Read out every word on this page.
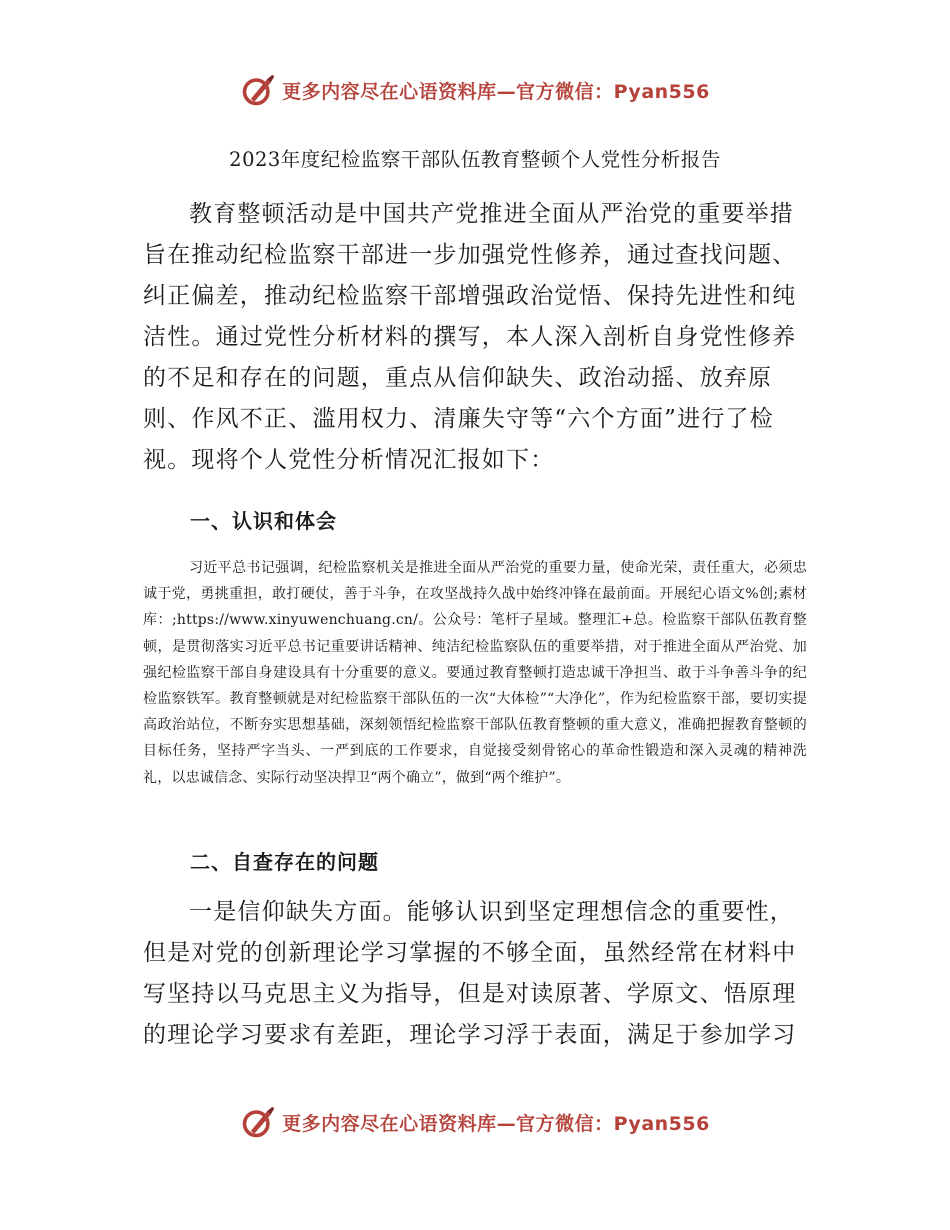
更多内容尽在心语资料库—官方微信：Pyan556
2023年度纪检监察干部队伍教育整顿个人党性分析报告

教育整顿活动是中国共产党推进全面从严治党的重要举措旨在推动纪检监察干部进一步加强党性修养，通过查找问题、纠正偏差，推动纪检监察干部增强政治觉悟、保持先进性和纯洁性。通过党性分析材料的撰写，本人深入剖析自身党性修养的不足和存在的问题，重点从信仰缺失、政治动摇、放弃原则、作风不正、滥用权力、清廉失守等“六个方面”进行了检视。现将个人党性分析情况汇报如下：

一、认识和体会

习近平总书记强调，纪检监察机关是推进全面从严治党的重要力量，使命光荣，责任重大，必须忠诚于党，勇挑重担，敢打硬仗，善于斗争，在攻坚战持久战中始终冲锋在最前面。开展纪心语文%创;素材库：;https://www.xinyuwenchuang.cn/。公众号：笔杆子星域。整理汇+总。检监察干部队伍教育整顿，是贯彻落实习近平总书记重要讲话精神、纯洁纪检监察队伍的重要举措，对于推进全面从严治党、加强纪检监察干部自身建设具有十分重要的意义。要通过教育整顿打造忠诚干净担当、敢于斗争善斗争的纪检监察铁军。教育整顿就是对纪检监察干部队伍的一次“大体检”“大净化”，作为纪检监察干部，要切实提高政治站位，不断夯实思想基础，深刻领悟纪检监察干部队伍教育整顿的重大意义，准确把握教育整顿的目标任务，坚持严字当头、一严到底的工作要求，自觉接受刻骨铭心的革命性锻造和深入灵魂的精神洗礼，以忠诚信念、实际行动坚决捍卫“两个确立”，做到“两个维护”。

二、自查存在的问题

一是信仰缺失方面。能够认识到坚定理想信念的重要性，但是对党的创新理论学习掌握的不够全面，虽然经常在材料中写坚持以马克思主义为指导，但是对读原著、学原文、悟原理的理论学习要求有差距，理论学习浮于表面，满足于参加学习

更多内容尽在心语资料库—官方微信：Pyan556
